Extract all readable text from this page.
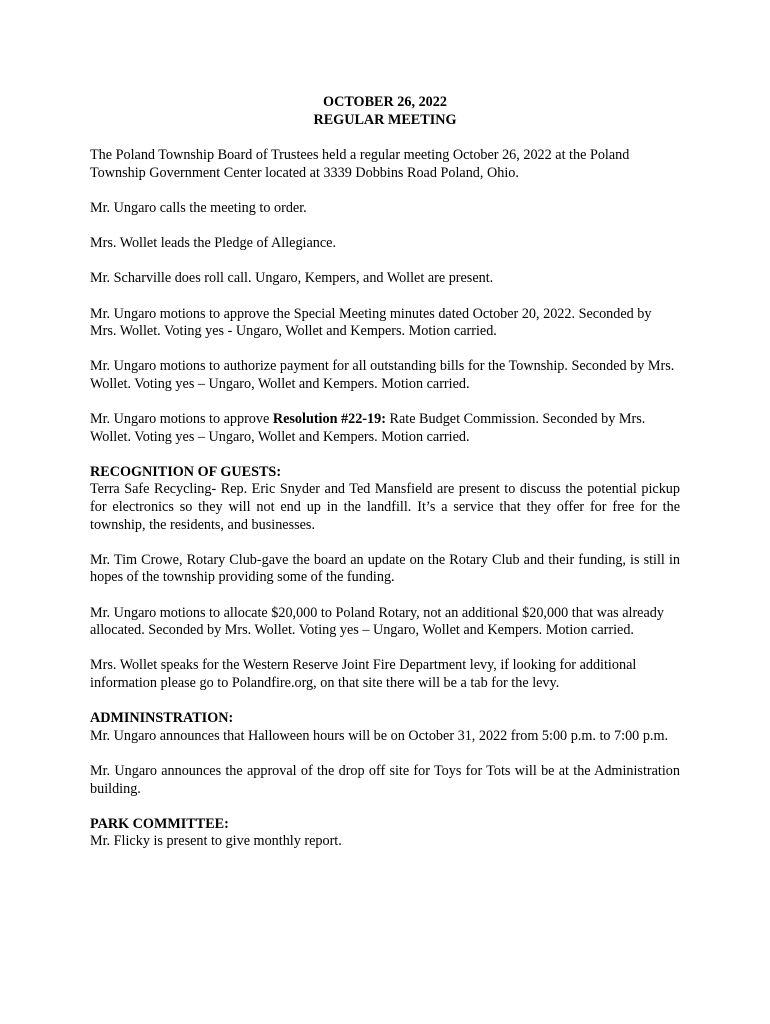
OCTOBER 26, 2022
REGULAR MEETING

The Poland Township Board of Trustees held a regular meeting October 26, 2022 at the Poland Township Government Center located at 3339 Dobbins Road Poland, Ohio.

Mr. Ungaro calls the meeting to order.

Mrs. Wollet leads the Pledge of Allegiance.

Mr. Scharville does roll call. Ungaro, Kempers, and Wollet are present.

Mr. Ungaro motions to approve the Special Meeting minutes dated October 20, 2022. Seconded by Mrs. Wollet. Voting yes - Ungaro, Wollet and Kempers. Motion carried.

Mr. Ungaro motions to authorize payment for all outstanding bills for the Township. Seconded by Mrs. Wollet. Voting yes – Ungaro, Wollet and Kempers. Motion carried.

Mr. Ungaro motions to approve Resolution #22-19: Rate Budget Commission. Seconded by Mrs. Wollet. Voting yes – Ungaro, Wollet and Kempers. Motion carried.

RECOGNITION OF GUESTS:
Terra Safe Recycling- Rep. Eric Snyder and Ted Mansfield are present to discuss the potential pickup for electronics so they will not end up in the landfill. It’s a service that they offer for free for the township, the residents, and businesses.

Mr. Tim Crowe, Rotary Club-gave the board an update on the Rotary Club and their funding, is still in hopes of the township providing some of the funding.

Mr. Ungaro motions to allocate $20,000 to Poland Rotary, not an additional $20,000 that was already allocated. Seconded by Mrs. Wollet. Voting yes – Ungaro, Wollet and Kempers. Motion carried.

Mrs. Wollet speaks for the Western Reserve Joint Fire Department levy, if looking for additional information please go to Polandfire.org, on that site there will be a tab for the levy.

ADMININSTRATION:
Mr. Ungaro announces that Halloween hours will be on October 31, 2022 from 5:00 p.m. to 7:00 p.m.

Mr. Ungaro announces the approval of the drop off site for Toys for Tots will be at the Administration building.

PARK COMMITTEE:
Mr. Flicky is present to give monthly report.
